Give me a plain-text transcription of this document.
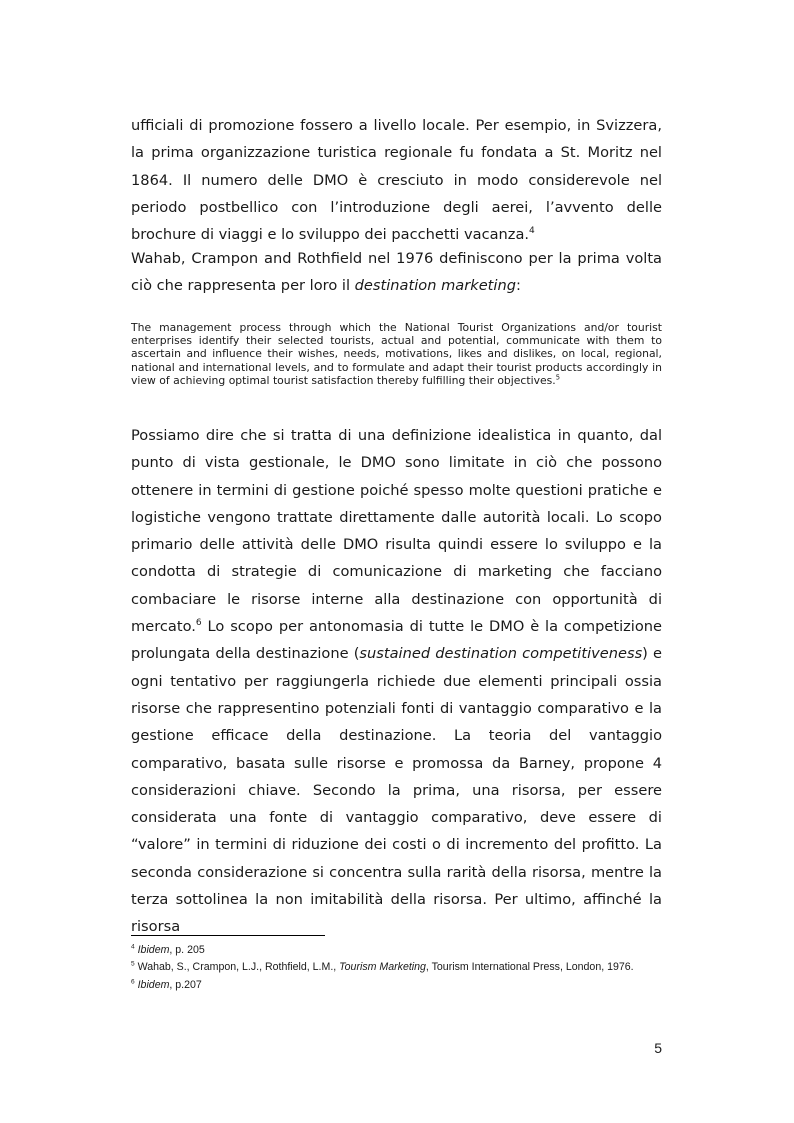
ufficiali di promozione fossero a livello locale. Per esempio, in Svizzera, la prima organizzazione turistica regionale fu fondata a St. Moritz nel 1864. Il numero delle DMO è cresciuto in modo considerevole nel periodo postbellico con l’introduzione degli aerei, l’avvento delle brochure di viaggi e lo sviluppo dei pacchetti vacanza.$^4$

Wahab, Crampon and Rothfield nel 1976 definiscono per la prima volta ciò che rappresenta per loro il destination marketing:

The management process through which the National Tourist Organizations and/or tourist enterprises identify their selected tourists, actual and potential, communicate with them to ascertain and influence their wishes, needs, motivations, likes and dislikes, on local, regional, national and international levels, and to formulate and adapt their tourist products accordingly in view of achieving optimal tourist satisfaction thereby fulfilling their objectives.$^5$

Possiamo dire che si tratta di una definizione idealistica in quanto, dal punto di vista gestionale, le DMO sono limitate in ciò che possono ottenere in termini di gestione poiché spesso molte questioni pratiche e logistiche vengono trattate direttamente dalle autorità locali. Lo scopo primario delle attività delle DMO risulta quindi essere lo sviluppo e la condotta di strategie di comunicazione di marketing che facciano combaciare le risorse interne alla destinazione con opportunità di mercato.$^6$ Lo scopo per antonomasia di tutte le DMO è la competizione prolungata della destinazione (sustained destination competitiveness) e ogni tentativo per raggiungerla richiede due elementi principali ossia risorse che rappresentino potenziali fonti di vantaggio comparativo e la gestione efficace della destinazione. La teoria del vantaggio comparativo, basata sulle risorse e promossa da Barney, propone 4 considerazioni chiave. Secondo la prima, una risorsa, per essere considerata una fonte di vantaggio comparativo, deve essere di “valore” in termini di riduzione dei costi o di incremento del profitto. La seconda considerazione si concentra sulla rarità della risorsa, mentre la terza sottolinea la non imitabilità della risorsa. Per ultimo, affinché la risorsa

$^4$ Ibidem, p. 205
$^5$ Wahab, S., Crampon, L.J., Rothfield, L.M., Tourism Marketing, Tourism International Press, London, 1976.
$^6$ Ibidem, p.207
5
